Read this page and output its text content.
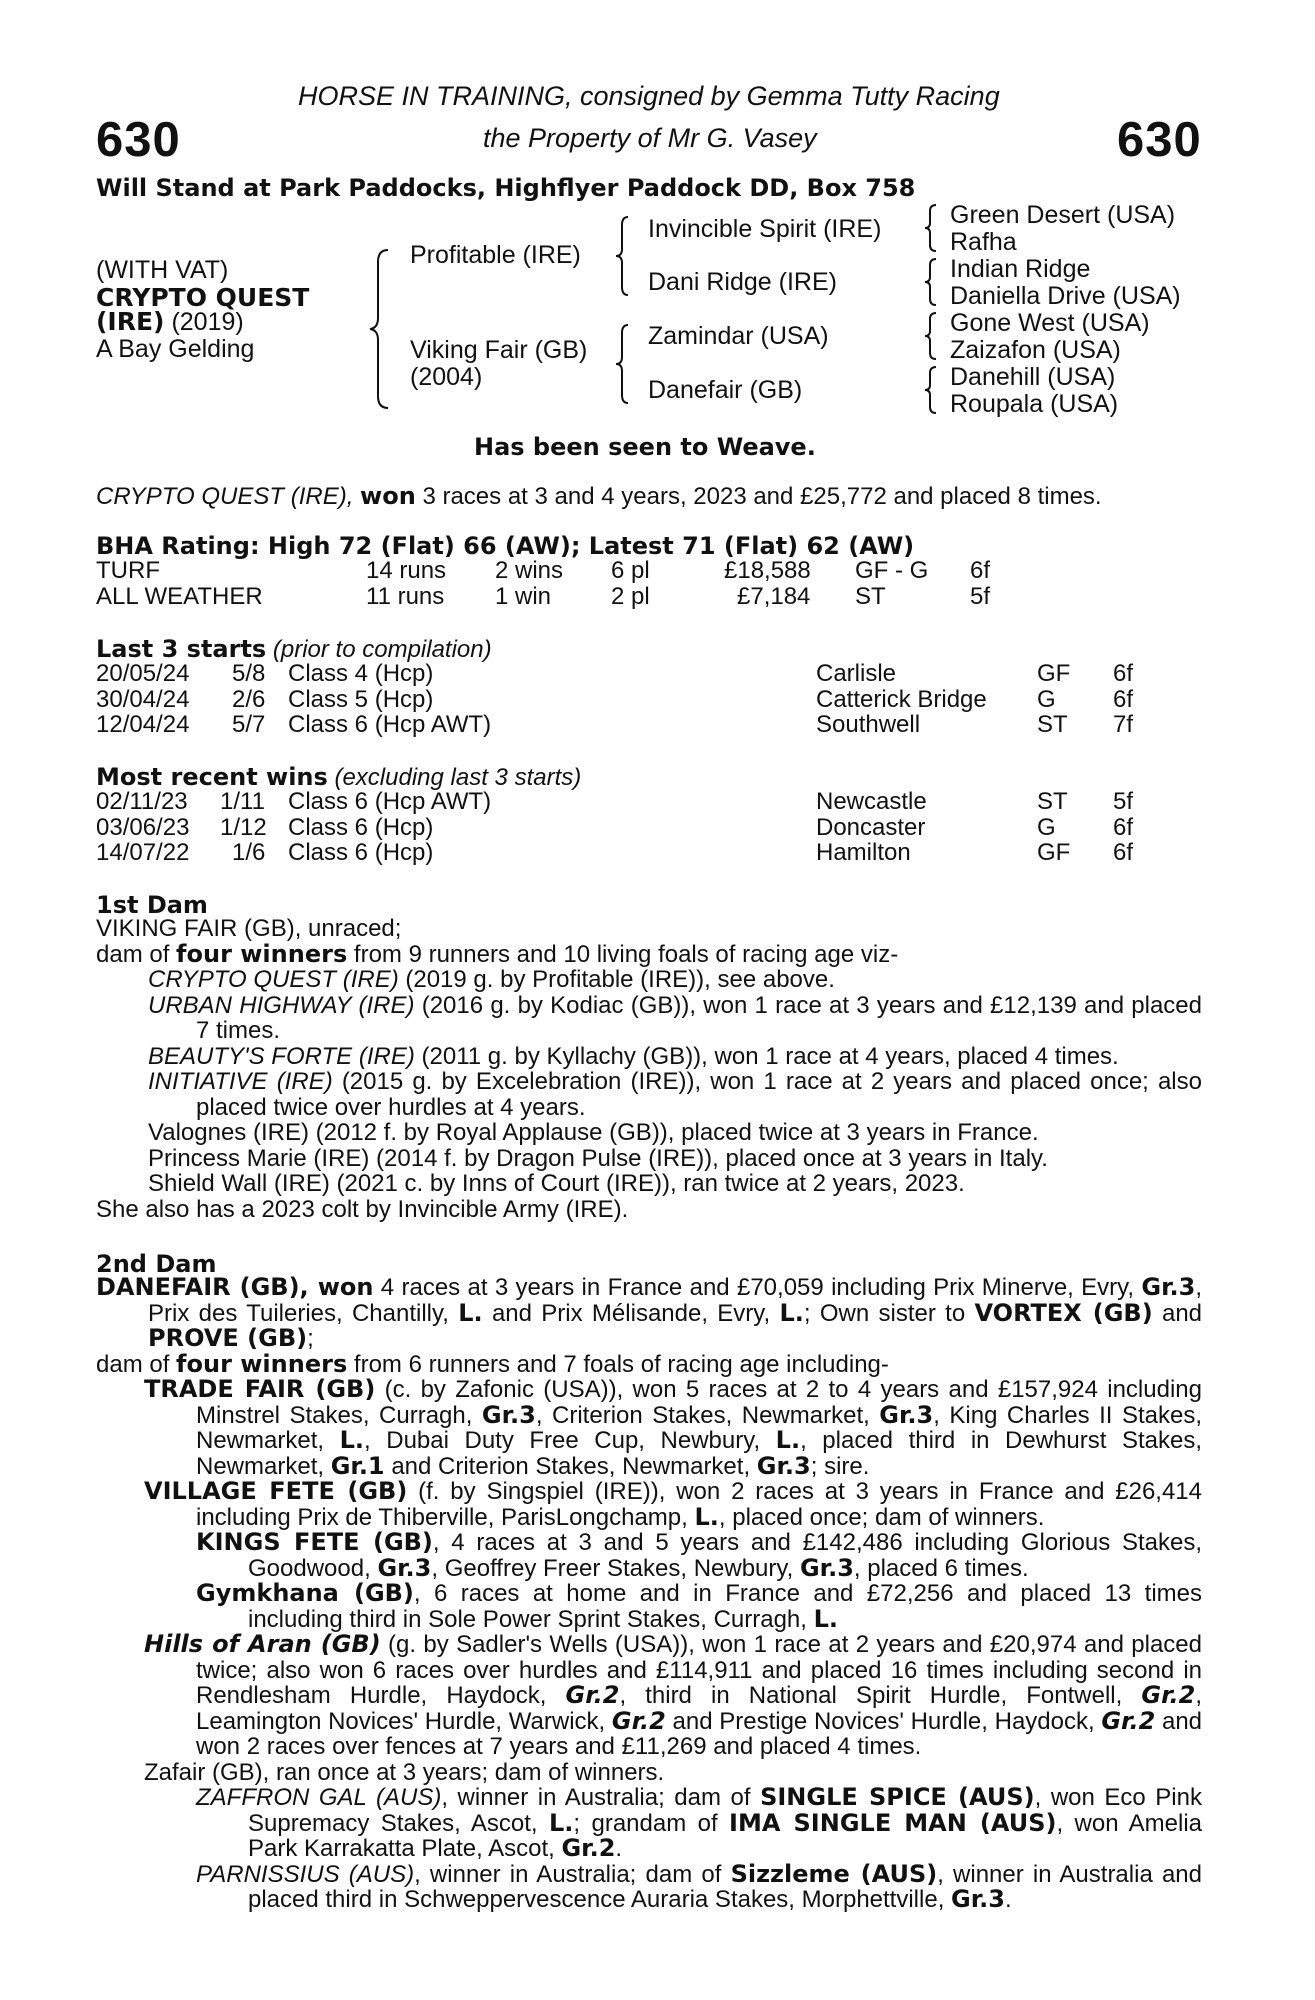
HORSE IN TRAINING, consigned by Gemma Tutty Racing
630	the Property of Mr G. Vasey	630
Will Stand at Park Paddocks, Highflyer Paddock DD, Box 758
(WITH VAT)
CRYPTO QUEST
(IRE) (2019)
A Bay Gelding
Profitable (IRE)
Viking Fair (GB)
(2004)
Invincible Spirit (IRE)
Dani Ridge (IRE)
Zamindar (USA)
Danefair (GB)
Green Desert (USA)
Rafha
Indian Ridge
Daniella Drive (USA)
Gone West (USA)
Zaizafon (USA)
Danehill (USA)
Roupala (USA)
Has been seen to Weave.
CRYPTO QUEST (IRE), won 3 races at 3 and 4 years, 2023 and £25,772 and placed 8 times.
BHA Rating: High 72 (Flat) 66 (AW); Latest 71 (Flat) 62 (AW)
TURF	14 runs 2 wins 6 pl	£18,588 GF - G 6f
ALL WEATHER	11 runs 1 win 2 pl	£7,184 ST	5f
Last 3 starts (prior to compilation)
20/05/24 5/8 Class 4 (Hcp)	Carlisle	GF 6f
30/04/24 2/6 Class 5 (Hcp)	Catterick Bridge G 6f
12/04/24 5/7 Class 6 (Hcp AWT)	Southwell	ST 7f
Most recent wins (excluding last 3 starts)
02/11/23 1/11 Class 6 (Hcp AWT)	Newcastle	ST 5f
03/06/23 1/12 Class 6 (Hcp)	Doncaster	G 6f
14/07/22 1/6 Class 6 (Hcp)	Hamilton	GF 6f
1st Dam

VIKING FAIR (GB), unraced;

dam of four winners from 9 runners and 10 living foals of racing age viz-

CRYPTO QUEST (IRE) (2019 g. by Profitable (IRE)), see above.

URBAN HIGHWAY (IRE) (2016 g. by Kodiac (GB)), won 1 race at 3 years and £12,139 and placed 7 times.

BEAUTY'S FORTE (IRE) (2011 g. by Kyllachy (GB)), won 1 race at 4 years, placed 4 times.

INITIATIVE (IRE) (2015 g. by Excelebration (IRE)), won 1 race at 2 years and placed once; also placed twice over hurdles at 4 years.

Valognes (IRE) (2012 f. by Royal Applause (GB)), placed twice at 3 years in France.

Princess Marie (IRE) (2014 f. by Dragon Pulse (IRE)), placed once at 3 years in Italy.

Shield Wall (IRE) (2021 c. by Inns of Court (IRE)), ran twice at 2 years, 2023.

She also has a 2023 colt by Invincible Army (IRE).

2nd Dam

DANEFAIR (GB), won 4 races at 3 years in France and £70,059 including Prix Minerve, Evry, Gr.3, Prix des Tuileries, Chantilly, L. and Prix Mélisande, Evry, L.; Own sister to VORTEX (GB) and PROVE (GB);

dam of four winners from 6 runners and 7 foals of racing age including-

TRADE FAIR (GB) (c. by Zafonic (USA)), won 5 races at 2 to 4 years and £157,924 including Minstrel Stakes, Curragh, Gr.3, Criterion Stakes, Newmarket, Gr.3, King Charles II Stakes, Newmarket, L., Dubai Duty Free Cup, Newbury, L., placed third in Dewhurst Stakes, Newmarket, Gr.1 and Criterion Stakes, Newmarket, Gr.3; sire.

VILLAGE FETE (GB) (f. by Singspiel (IRE)), won 2 races at 3 years in France and £26,414 including Prix de Thiberville, ParisLongchamp, L., placed once; dam of winners.

KINGS FETE (GB), 4 races at 3 and 5 years and £142,486 including Glorious Stakes, Goodwood, Gr.3, Geoffrey Freer Stakes, Newbury, Gr.3, placed 6 times.

Gymkhana (GB), 6 races at home and in France and £72,256 and placed 13 times including third in Sole Power Sprint Stakes, Curragh, L.

Hills of Aran (GB) (g. by Sadler's Wells (USA)), won 1 race at 2 years and £20,974 and placed twice; also won 6 races over hurdles and £114,911 and placed 16 times including second in Rendlesham Hurdle, Haydock, Gr.2, third in National Spirit Hurdle, Fontwell, Gr.2, Leamington Novices' Hurdle, Warwick, Gr.2 and Prestige Novices' Hurdle, Haydock, Gr.2 and won 2 races over fences at 7 years and £11,269 and placed 4 times.

Zafair (GB), ran once at 3 years; dam of winners.

ZAFFRON GAL (AUS), winner in Australia; dam of SINGLE SPICE (AUS), won Eco Pink Supremacy Stakes, Ascot, L.; grandam of IMA SINGLE MAN (AUS), won Amelia Park Karrakatta Plate, Ascot, Gr.2.

PARNISSIUS (AUS), winner in Australia; dam of Sizzleme (AUS), winner in Australia and placed third in Schweppervescence Auraria Stakes, Morphettville, Gr.3.
